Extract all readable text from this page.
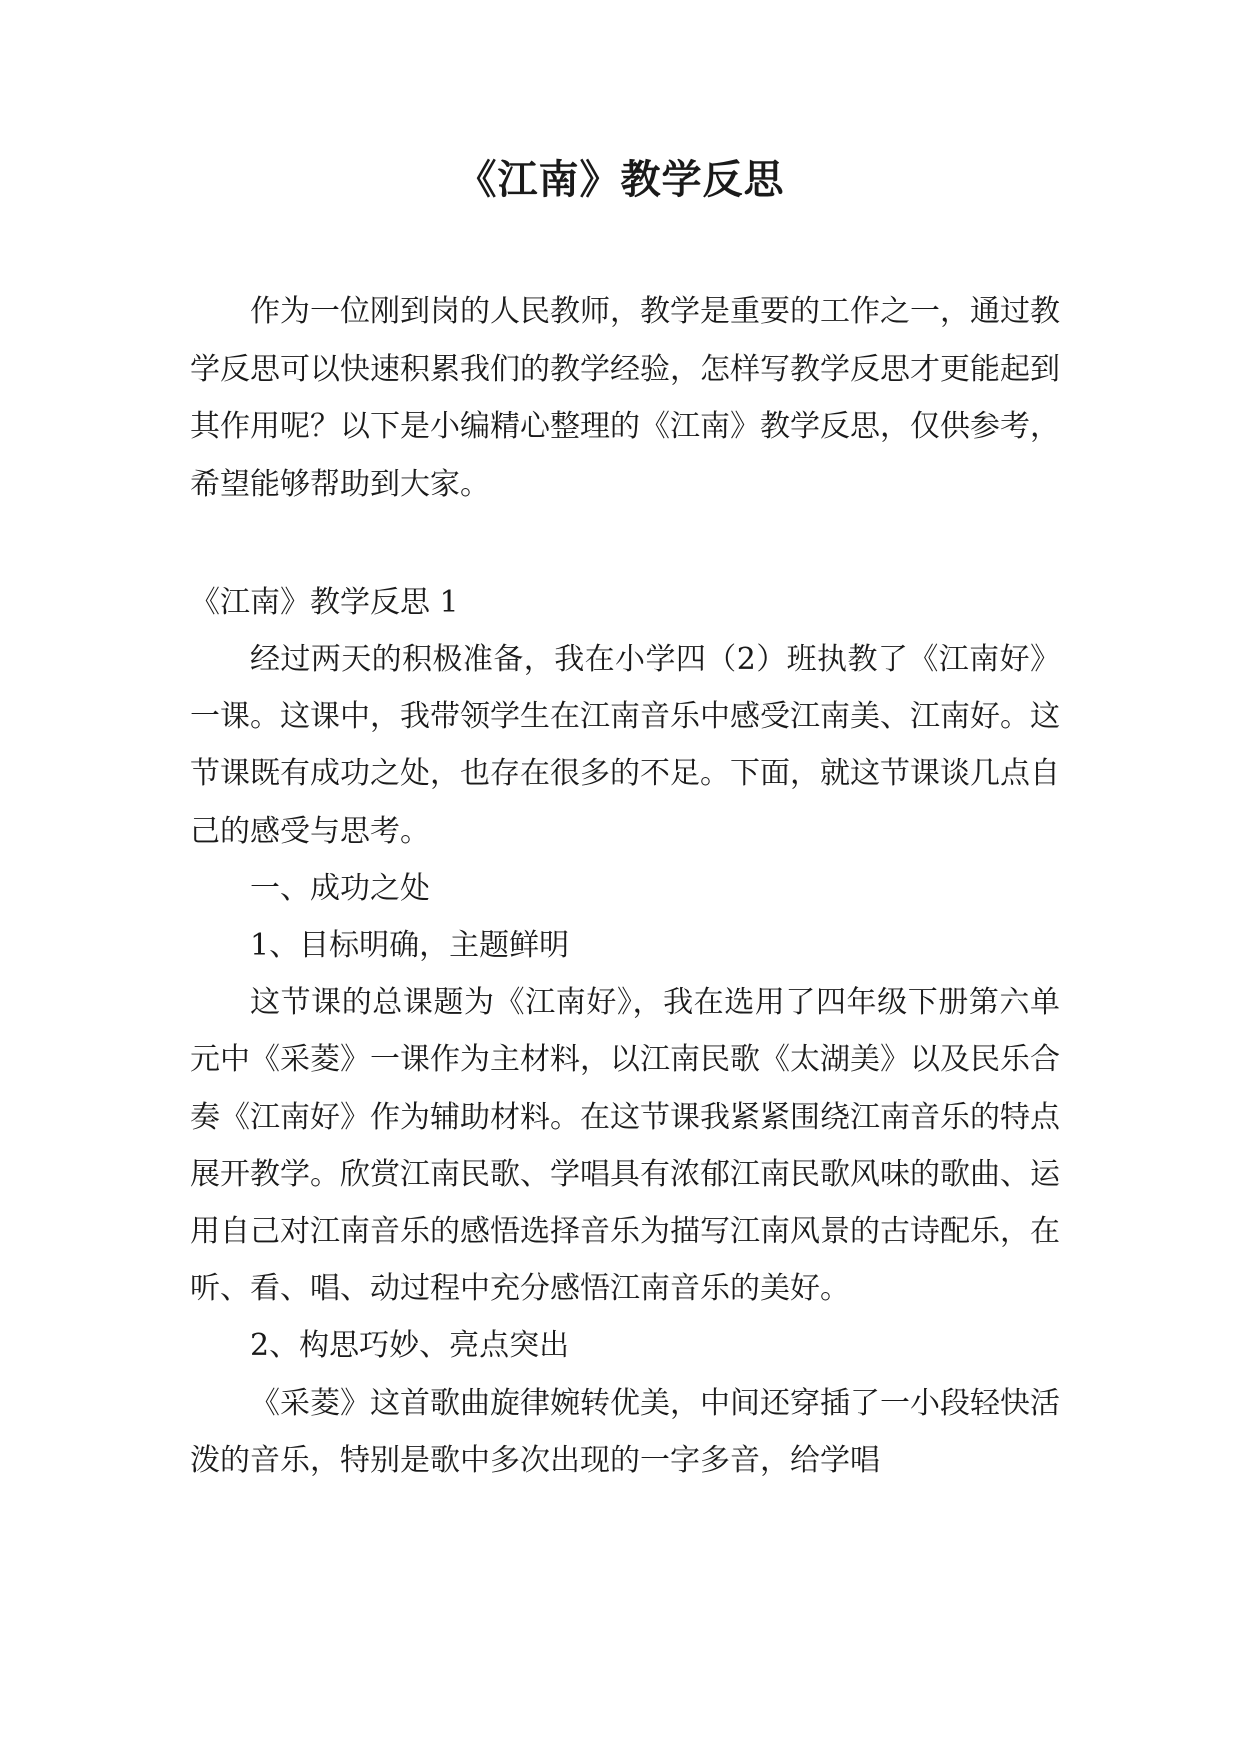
《江南》教学反思

作为一位刚到岗的人民教师，教学是重要的工作之一，通过教学反思可以快速积累我们的教学经验，怎样写教学反思才更能起到其作用呢？以下是小编精心整理的《江南》教学反思，仅供参考，希望能够帮助到大家。

《江南》教学反思 1

经过两天的积极准备，我在小学四（2）班执教了《江南好》一课。这课中，我带领学生在江南音乐中感受江南美、江南好。这节课既有成功之处，也存在很多的不足。下面，就这节课谈几点自己的感受与思考。

一、成功之处

1、目标明确，主题鲜明

这节课的总课题为《江南好》，我在选用了四年级下册第六单元中《采菱》一课作为主材料，以江南民歌《太湖美》以及民乐合奏《江南好》作为辅助材料。在这节课我紧紧围绕江南音乐的特点展开教学。欣赏江南民歌、学唱具有浓郁江南民歌风味的歌曲、运用自己对江南音乐的感悟选择音乐为描写江南风景的古诗配乐，在听、看、唱、动过程中充分感悟江南音乐的美好。

2、构思巧妙、亮点突出

《采菱》这首歌曲旋律婉转优美，中间还穿插了一小段轻快活泼的音乐，特别是歌中多次出现的一字多音，给学唱
